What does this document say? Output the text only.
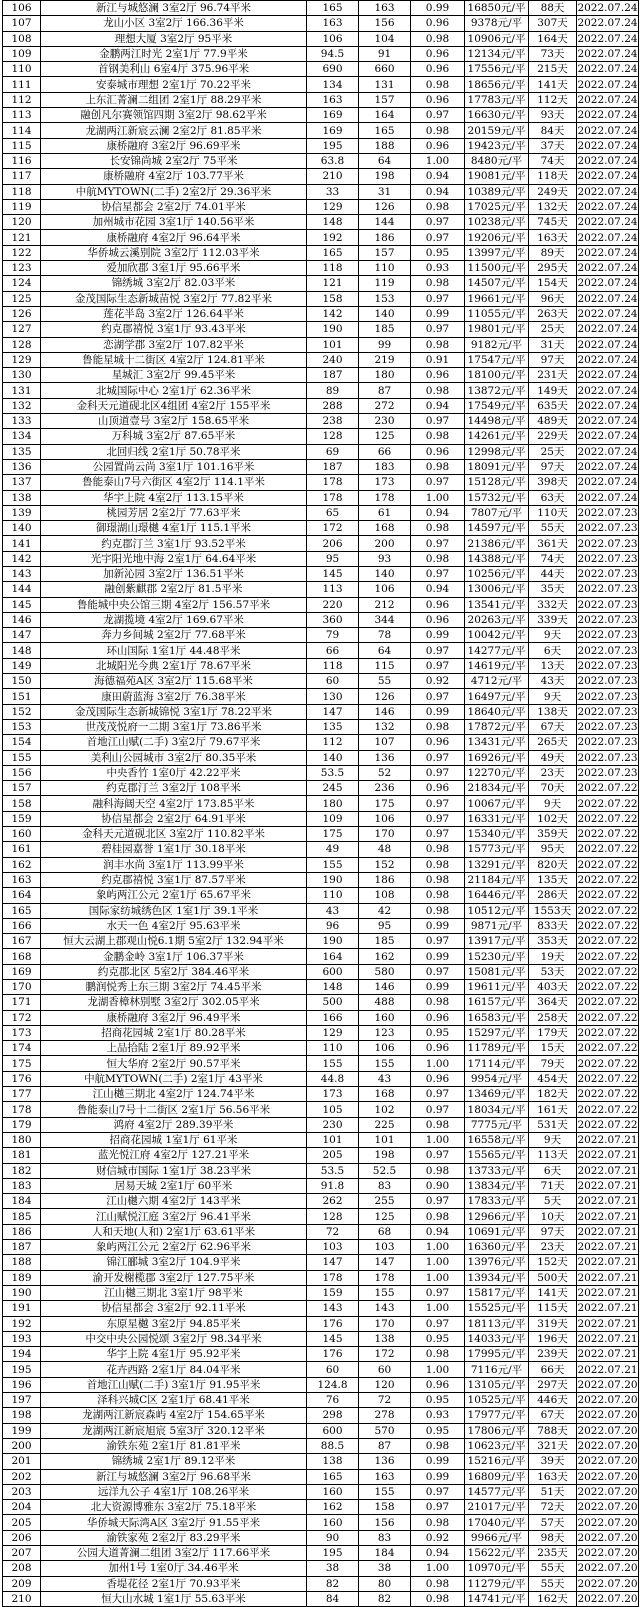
106	新江与城悠澜 3室2厅 96.74平米	165	163	0.99	16850元/平	88天	2022.07.24
107	龙山小区 3室2厅 166.36平米	163	156	0.96	9378元/平	307天	2022.07.24
108	理想大厦 3室2厅 95平米	106	104	0.98	10906元/平	164天	2022.07.24
109	金鹏两江时光 2室1厅 77.9平米	94.5	91	0.96	12134元/平	73天	2022.07.24
110	首钢美利山 6室4厅 375.96平米	690	660	0.96	17556元/平	215天	2022.07.24
111	安泰城市理想 2室1厅 70.22平米	134	131	0.98	18656元/平	141天	2022.07.24
112	上东汇菁澜二组团 2室1厅 88.29平米	163	157	0.96	17783元/平	112天	2022.07.24
113	融创凡尔赛领馆四期 3室2厅 98.62平米	169	164	0.97	16630元/平	93天	2022.07.24
114	龙湖两江新宸云澜 2室2厅 81.85平米	169	165	0.98	20159元/平	84天	2022.07.24
115	康桥融府 3室2厅 96.69平米	195	188	0.96	19423元/平	37天	2022.07.24
116	长安锦尚城 2室2厅 75平米	63.8	64	1.00	8480元/平	74天	2022.07.24
117	康桥融府 4室2厅 103.77平米	210	198	0.94	19081元/平	118天	2022.07.24
118	中航MYTOWN(二手) 2室2厅 29.36平米	33	31	0.94	10389元/平	249天	2022.07.24
119	协信星都会 2室2厅 74.01平米	129	126	0.98	17025元/平	132天	2022.07.24
120	加州城市花园 3室1厅 140.56平米	148	144	0.97	10238元/平	745天	2022.07.24
121	康桥融府 4室2厅 96.64平米	192	186	0.97	19206元/平	163天	2022.07.24
122	华侨城云溪别院 3室2厅 112.03平米	165	157	0.95	13997元/平	89天	2022.07.24
123	爱加欣郡 3室1厅 95.66平米	118	110	0.93	11500元/平	295天	2022.07.24
124	锦绣城 3室2厅 82.03平米	121	119	0.98	14507元/平	154天	2022.07.24
125	金茂国际生态新城苗悦 3室2厅 77.82平米	158	153	0.97	19661元/平	96天	2022.07.24
126	莲花半岛 3室2厅 126.64平米	142	140	0.99	11055元/平	263天	2022.07.24
127	约克郡禧悦 3室1厅 93.43平米	190	185	0.97	19801元/平	25天	2022.07.24
128	恋湖学郡 3室2厅 107.82平米	101	99	0.98	9182元/平	31天	2022.07.24
129	鲁能星城十二街区 4室2厅 124.81平米	240	219	0.91	17547元/平	97天	2022.07.24
130	星城汇 3室2厅 99.45平米	187	180	0.96	18100元/平	231天	2022.07.24
131	北城国际中心 2室1厅 62.36平米	89	87	0.98	13872元/平	149天	2022.07.24
132	金科天元道砚北区4组团 4室2厅 155平米	288	272	0.94	17549元/平	635天	2022.07.24
133	山顶道壹号 3室2厅 158.65平米	238	230	0.97	14498元/平	489天	2022.07.24
134	万科城 3室2厅 87.65平米	128	125	0.98	14261元/平	229天	2022.07.24
135	北回归线 2室1厅 50.78平米	69	66	0.96	12998元/平	25天	2022.07.24
136	公园置尚云尚 3室1厅 101.16平米	187	183	0.98	18091元/平	97天	2022.07.24
137	鲁能泰山7号六街区 4室2厅 114.1平米	178	173	0.97	15128元/平	398天	2022.07.24
138	华宇上院 4室2厅 113.15平米	178	178	1.00	15732元/平	63天	2022.07.24
139	桃园芳居 2室2厅 77.63平米	65	61	0.94	7807元/平	110天	2022.07.23
140	御璟湖山璟樾 4室1厅 115.1平米	172	168	0.98	14597元/平	55天	2022.07.23
141	约克郡汀兰 3室1厅 93.52平米	206	200	0.97	21386元/平	361天	2022.07.23
142	光宇阳光地中海 2室1厅 64.64平米	95	93	0.98	14388元/平	74天	2022.07.23
143	加新沁园 3室2厅 136.51平米	145	140	0.97	10256元/平	44天	2022.07.23
144	融创紫麒郡 2室2厅 81.5平米	113	106	0.94	13006元/平	35天	2022.07.23
145	鲁能城中央公馆三期 4室2厅 156.57平米	220	212	0.96	13541元/平	332天	2022.07.23
146	龙湖揽境 4室2厅 169.67平米	360	344	0.96	20263元/平	339天	2022.07.23
147	奔力乡间城 2室2厅 77.68平米	79	78	0.99	10042元/平	9天	2022.07.23
148	环山国际 1室1厅 44.48平米	66	64	0.97	14277元/平	6天	2022.07.23
149	北城阳光今典 2室1厅 78.67平米	118	115	0.97	14619元/平	13天	2022.07.23
150	海德福苑A区 3室2厅 115.68平米	60	55	0.92	4712元/平	43天	2022.07.23
151	康田蔚蓝海 3室2厅 76.38平米	130	126	0.97	16497元/平	9天	2022.07.23
152	金茂国际生态新城锦悦 3室1厅 78.22平米	147	146	0.99	18640元/平	138天	2022.07.23
153	世茂茂悦府一二期 3室1厅 73.86平米	135	132	0.98	17872元/平	67天	2022.07.23
154	首地江山赋(二手) 3室2厅 79.67平米	112	107	0.96	13431元/平	265天	2022.07.23
155	美利山公园城市 3室2厅 80.35平米	140	136	0.97	16926元/平	49天	2022.07.23
156	中央香竹 1室0厅 42.22平米	53.5	52	0.97	12270元/平	23天	2022.07.23
157	约克郡汀兰 3室2厅 108平米	245	236	0.96	21834元/平	70天	2022.07.22
158	融科海阔天空 4室2厅 173.85平米	180	175	0.97	10067元/平	9天	2022.07.22
159	协信星都会 2室2厅 64.91平米	109	106	0.97	16331元/平	102天	2022.07.22
160	金科天元道砚北区 3室2厅 110.82平米	175	170	0.97	15340元/平	359天	2022.07.22
161	碧桂园嘉誉 1室1厅 30.18平米	49	48	0.98	15773元/平	95天	2022.07.22
162	润丰水尚 3室1厅 113.99平米	155	152	0.98	13291元/平	820天	2022.07.22
163	约克郡禧悦 3室1厅 87.57平米	190	186	0.98	21184元/平	135天	2022.07.22
164	象屿两江公元 2室1厅 65.67平米	110	108	0.98	16446元/平	286天	2022.07.22
165	国际家纺城绣色区 1室1厅 39.1平米	43	42	0.98	10512元/平	1553天	2022.07.22
166	水天一色 4室2厅 95.63平米	96	95	0.99	9871元/平	833天	2022.07.22
167	恒大云湖上郡观山悦6.1期 5室2厅 132.94平米	190	185	0.97	13917元/平	353天	2022.07.22
168	金鹏金岭 3室1厅 106.37平米	164	162	0.99	15230元/平	19天	2022.07.22
169	约克郡北区 5室2厅 384.46平米	600	580	0.97	15081元/平	53天	2022.07.22
170	鹏润悦秀上东三期 3室2厅 74.45平米	148	146	0.99	19611元/平	403天	2022.07.22
171	龙湖香樟林别墅 3室2厅 302.05平米	500	488	0.98	16157元/平	364天	2022.07.22
172	康桥融府 3室2厅 96.49平米	166	160	0.96	16583元/平	258天	2022.07.22
173	招商花园城 2室1厅 80.28平米	129	123	0.95	15297元/平	179天	2022.07.22
174	上品拾陆 2室1厅 89.92平米	110	106	0.96	11789元/平	15天	2022.07.22
175	恒大华府 2室2厅 90.57平米	155	155	1.00	17114元/平	79天	2022.07.22
176	中航MYTOWN(二手) 2室1厅 43平米	44.8	43	0.96	9954元/平	454天	2022.07.22
177	江山樾三期北 4室2厅 124.74平米	173	168	0.97	13469元/平	182天	2022.07.22
178	鲁能泰山7号十二街区 2室1厅 56.56平米	105	102	0.97	18034元/平	161天	2022.07.22
179	鸿府 4室2厅 289.39平米	230	225	0.98	7775元/平	531天	2022.07.22
180	招商花园城 1室1厅 61平米	101	101	1.00	16558元/平	9天	2022.07.21
181	蓝光悦江府 4室2厅 127.21平米	205	198	0.97	15565元/平	113天	2022.07.21
182	财信城市国际 1室1厅 38.23平米	53.5	52.5	0.98	13733元/平	6天	2022.07.21
183	居易天城 2室1厅 60平米	91.8	83	0.90	13834元/平	71天	2022.07.21
184	江山樾六期 4室2厅 143平米	262	255	0.97	17833元/平	5天	2022.07.21
185	江山赋悦江庭 3室2厅 96.41平米	128	125	0.98	12966元/平	10天	2022.07.21
186	人和天地(人和) 2室1厅 63.61平米	72	68	0.94	10691元/平	97天	2022.07.21
187	象屿两江公元 2室2厅 62.96平米	103	103	1.00	16360元/平	23天	2022.07.21
188	锦江郦城 3室2厅 104.9平米	147	147	1.00	13976元/平	152天	2022.07.21
189	渝开发榭榄郡 3室2厅 127.75平米	178	178	1.00	13934元/平	500天	2022.07.21
190	江山樾三期北 3室1厅 98平米	159	155	0.97	15817元/平	141天	2022.07.21
191	协信星都会 3室2厅 92.11平米	143	143	1.00	15525元/平	115天	2022.07.21
192	东原星樾 3室2厅 94.85平米	176	170	0.97	18113元/平	319天	2022.07.21
193	中交中央公园悦颂 3室2厅 98.34平米	145	138	0.95	14033元/平	196天	2022.07.21
194	华宇上院 4室1厅 95.92平米	176	172	0.98	17995元/平	239天	2022.07.21
195	花卉西路 2室1厅 84.04平米	60	60	1.00	7116元/平	66天	2022.07.21
196	首地江山赋(二手) 3室1厅 91.95平米	124.8	120	0.96	13105元/平	297天	2022.07.20
197	泽科兴城C区 2室1厅 68.41平米	76	72	0.95	10525元/平	446天	2022.07.20
198	龙湖两江新宸森屿 4室2厅 154.65平米	298	278	0.93	17977元/平	67天	2022.07.20
199	龙湖两江新宸旭宸 5室3厅 320.12平米	600	570	0.95	17806元/平	788天	2022.07.20
200	渝铁东苑 2室1厅 81.81平米	88.5	87	0.98	10623元/平	321天	2022.07.20
201	锦绣城 2室1厅 89.12平米	138	136	0.99	15216元/平	39天	2022.07.20
202	新江与城悠澜 3室2厅 96.68平米	165	163	0.99	16809元/平	163天	2022.07.20
203	远洋九公子 4室1厅 108.26平米	160	155	0.97	14577元/平	51天	2022.07.20
204	北大资源博雅东 3室2厅 75.18平米	162	158	0.97	21017元/平	72天	2022.07.20
205	华侨城天际湾A区 3室2厅 91.55平米	160	156	0.98	17040元/平	57天	2022.07.20
206	渝铁家苑 2室2厅 83.29平米	90	83	0.92	9966元/平	98天	2022.07.20
207	公园大道菁澜二组团 3室2厅 117.66平米	195	184	0.94	15622元/平	235天	2022.07.20
208	加州1号 1室0厅 34.46平米	38	38	1.00	10970元/平	55天	2022.07.20
209	香堤花径 2室1厅 70.93平米	82	80	0.98	11279元/平	55天	2022.07.20
210	恒大山水城 1室1厅 55.63平米	84	82	0.98	14741元/平	162天	2022.07.20
